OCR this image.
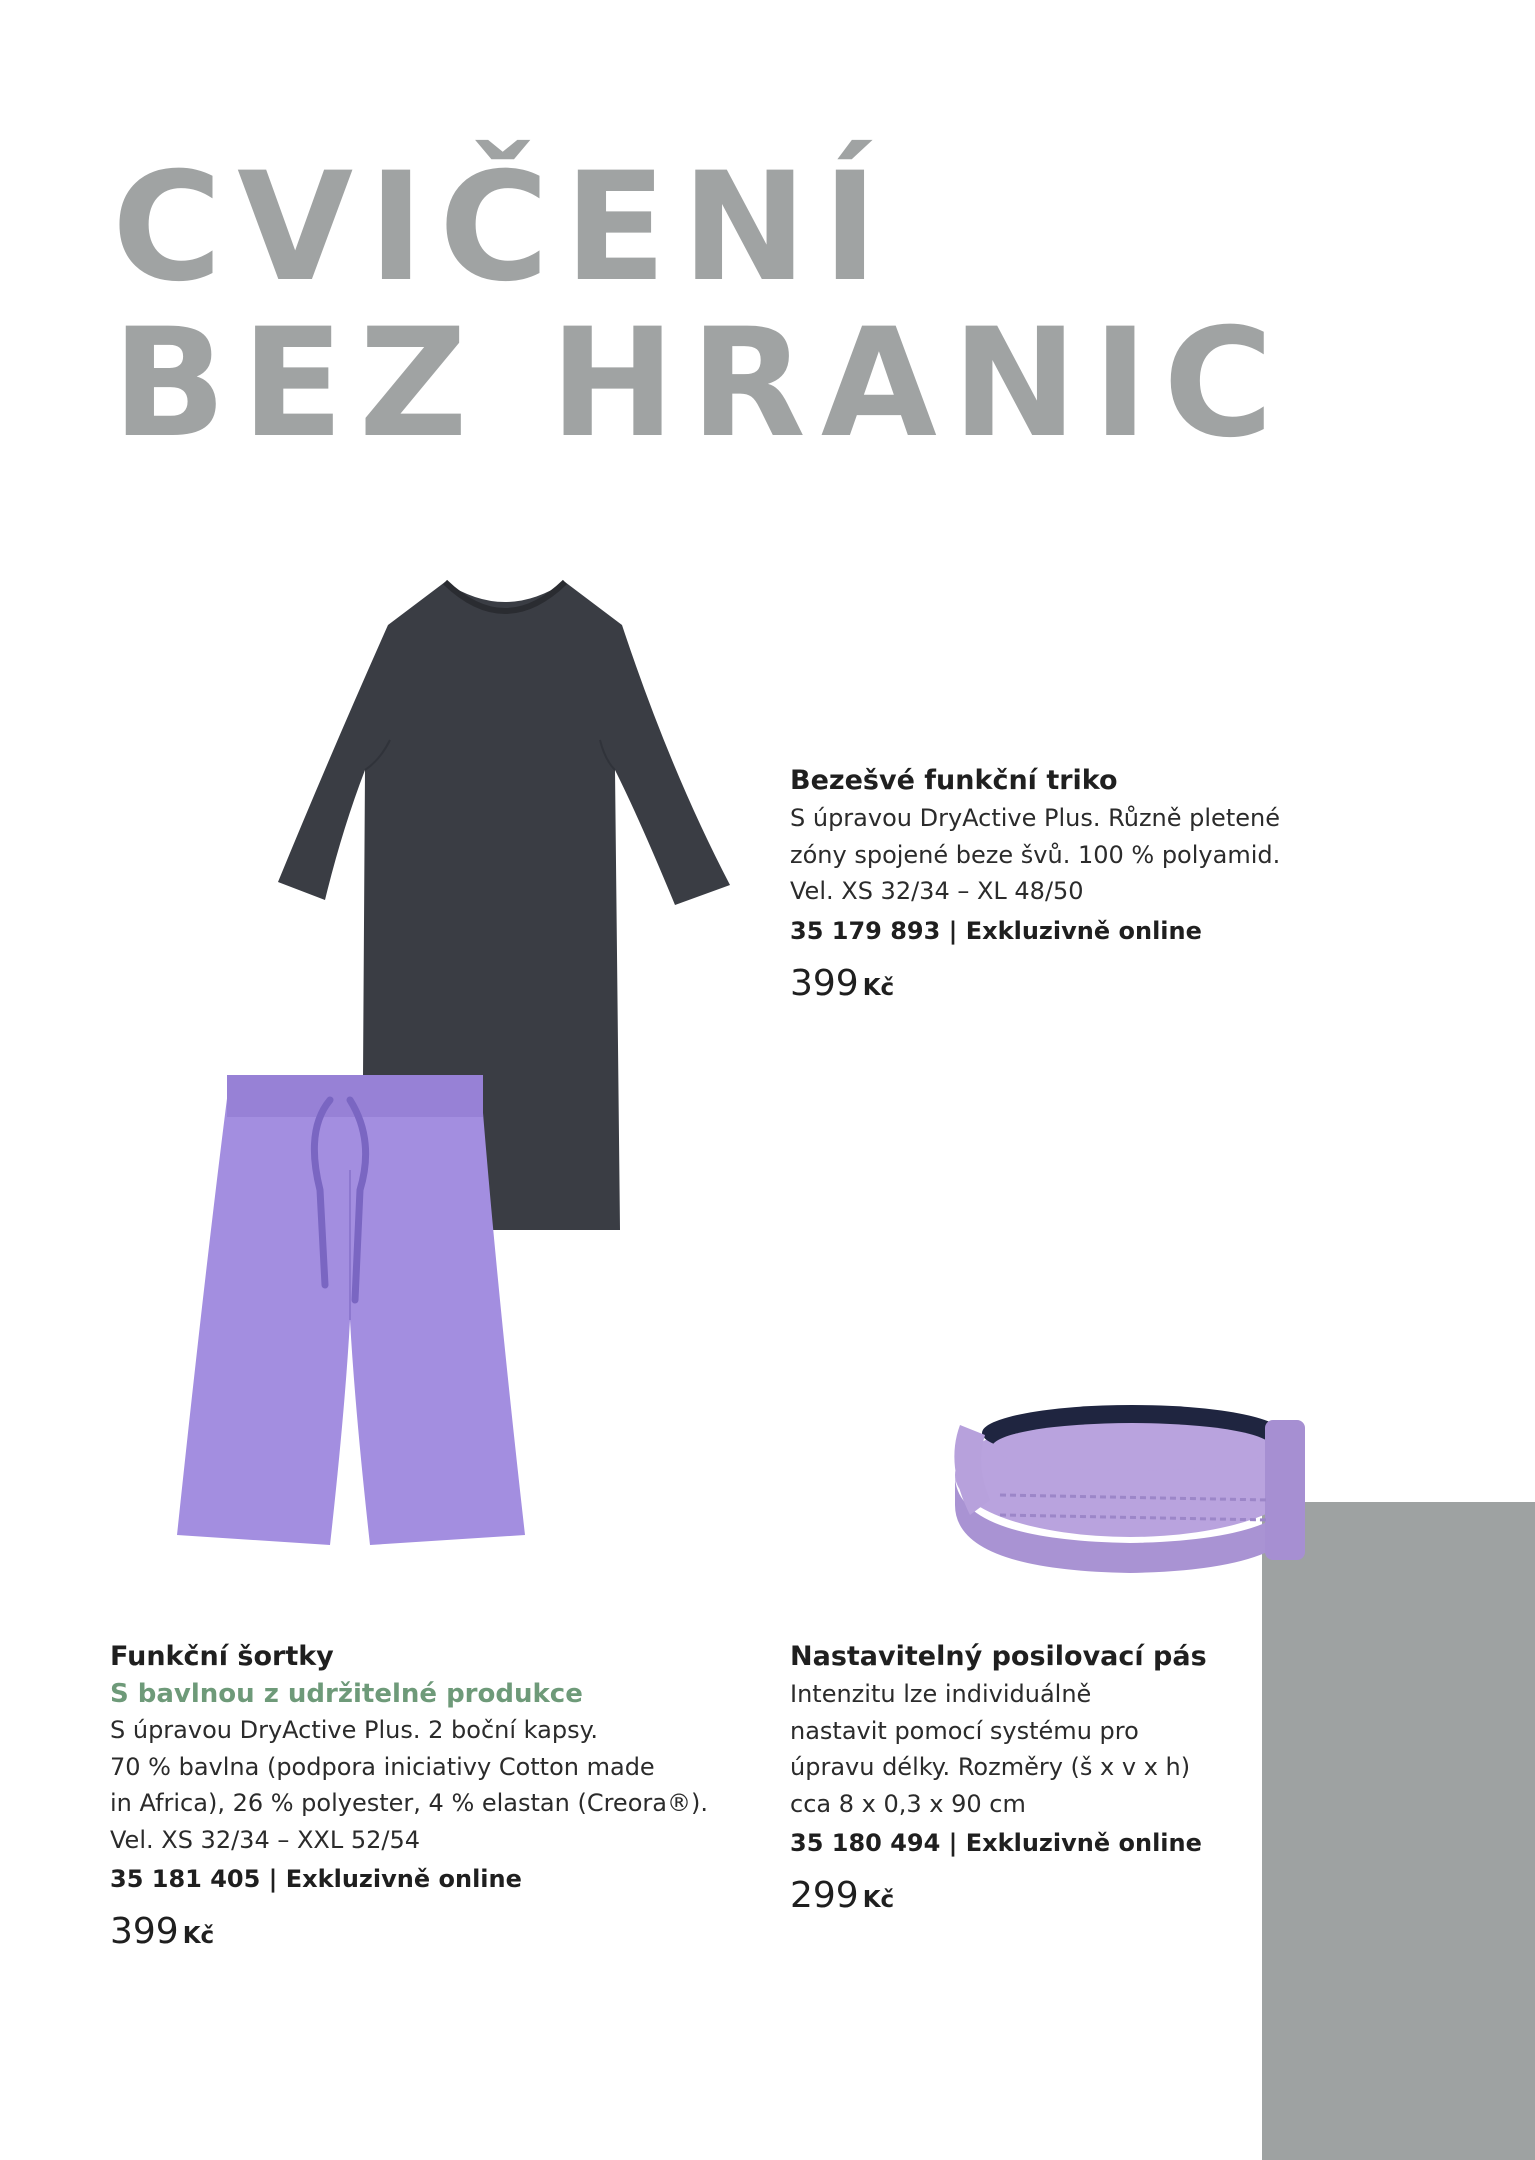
CVIČENÍ
BEZ HRANIC
Bezešvé funkční triko
S úpravou DryActive Plus. Různě pletené
zóny spojené beze švů. 100 % polyamid.
Vel. XS 32/34 – XL 48/50
35 179 893 | Exkluzivně online
399 Kč
Funkční šortky
S bavlnou z udržitelné produkce
S úpravou DryActive Plus. 2 boční kapsy.
70 % bavlna (podpora iniciativy Cotton made
in Africa), 26 % polyester, 4 % elastan (Creora®).
Vel. XS 32/34 – XXL 52/54
35 181 405 | Exkluzivně online
399 Kč
Nastavitelný posilovací pás
Intenzitu lze individuálně
nastavit pomocí systému pro
úpravu délky. Rozměry (š x v x h)
cca 8 x 0,3 x 90 cm
35 180 494 | Exkluzivně online
299 Kč
